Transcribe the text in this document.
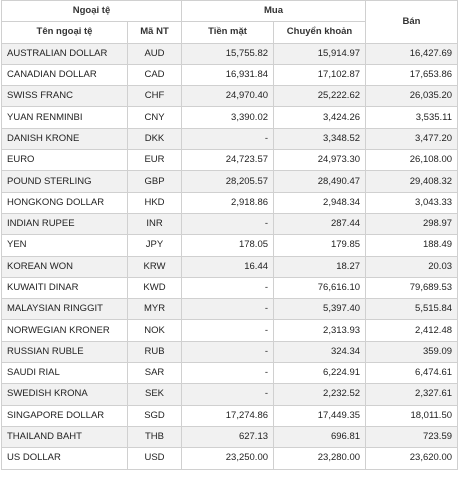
Ngoại tệ		Mua		Bán
Tên ngoại tệ	Mã NT	Tiền mặt	Chuyển khoản	
AUSTRALIAN DOLLAR	AUD	15,755.82	15,914.97	16,427.69
CANADIAN DOLLAR	CAD	16,931.84	17,102.87	17,653.86
SWISS FRANC	CHF	24,970.40	25,222.62	26,035.20
YUAN RENMINBI	CNY	3,390.02	3,424.26	3,535.11
DANISH KRONE	DKK	-	3,348.52	3,477.20
EURO	EUR	24,723.57	24,973.30	26,108.00
POUND STERLING	GBP	28,205.57	28,490.47	29,408.32
HONGKONG DOLLAR	HKD	2,918.86	2,948.34	3,043.33
INDIAN RUPEE	INR	-	287.44	298.97
YEN	JPY	178.05	179.85	188.49
KOREAN WON	KRW	16.44	18.27	20.03
KUWAITI DINAR	KWD	-	76,616.10	79,689.53
MALAYSIAN RINGGIT	MYR	-	5,397.40	5,515.84
NORWEGIAN KRONER	NOK	-	2,313.93	2,412.48
RUSSIAN RUBLE	RUB	-	324.34	359.09
SAUDI RIAL	SAR	-	6,224.91	6,474.61
SWEDISH KRONA	SEK	-	2,232.52	2,327.61
SINGAPORE DOLLAR	SGD	17,274.86	17,449.35	18,011.50
THAILAND BAHT	THB	627.13	696.81	723.59
US DOLLAR	USD	23,250.00	23,280.00	23,620.00
